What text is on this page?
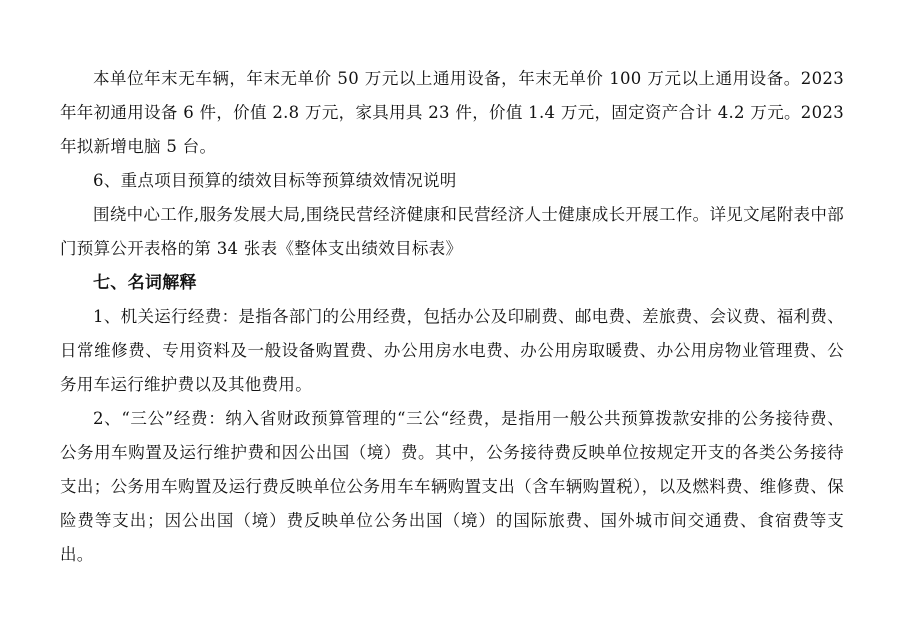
本单位年末无车辆，年末无单价 50 万元以上通用设备，年末无单价 100 万元以上通用设备。2023 年年初通用设备 6 件，价值 2.8 万元，家具用具 23 件，价值 1.4 万元，固定资产合计 4.2 万元。2023 年拟新增电脑 5 台。

6、重点项目预算的绩效目标等预算绩效情况说明

围绕中心工作,服务发展大局,围绕民营经济健康和民营经济人士健康成长开展工作。详见文尾附表中部门预算公开表格的第 34 张表《整体支出绩效目标表》

七、名词解释

1、机关运行经费：是指各部门的公用经费，包括办公及印刷费、邮电费、差旅费、会议费、福利费、日常维修费、专用资料及一般设备购置费、办公用房水电费、办公用房取暖费、办公用房物业管理费、公务用车运行维护费以及其他费用。

2、“三公”经费：纳入省财政预算管理的“三公“经费，是指用一般公共预算拨款安排的公务接待费、公务用车购置及运行维护费和因公出国（境）费。其中，公务接待费反映单位按规定开支的各类公务接待支出；公务用车购置及运行费反映单位公务用车车辆购置支出（含车辆购置税），以及燃料费、维修费、保险费等支出；因公出国（境）费反映单位公务出国（境）的国际旅费、国外城市间交通费、食宿费等支出。
